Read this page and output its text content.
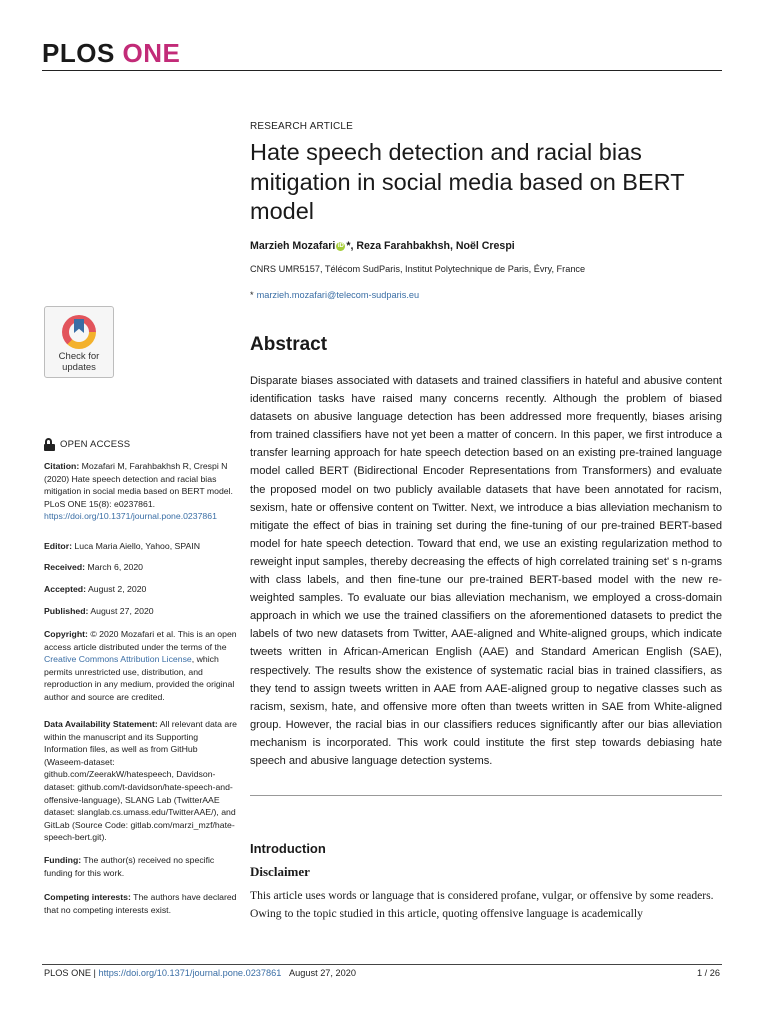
PLOS ONE
RESEARCH ARTICLE
Hate speech detection and racial bias mitigation in social media based on BERT model
Marzieh Mozafari iD *, Reza Farahbakhsh, Noël Crespi
CNRS UMR5157, Télécom SudParis, Institut Polytechnique de Paris, Évry, France
* marzieh.mozafari@telecom-sudparis.eu
Check for updates
OPEN ACCESS
Citation: Mozafari M, Farahbakhsh R, Crespi N (2020) Hate speech detection and racial bias mitigation in social media based on BERT model. PLoS ONE 15(8): e0237861. https://doi.org/10.1371/journal.pone.0237861
Editor: Luca Maria Aiello, Yahoo, SPAIN
Received: March 6, 2020
Accepted: August 2, 2020
Published: August 27, 2020
Copyright: © 2020 Mozafari et al. This is an open access article distributed under the terms of the Creative Commons Attribution License, which permits unrestricted use, distribution, and reproduction in any medium, provided the original author and source are credited.
Data Availability Statement: All relevant data are within the manuscript and its Supporting Information files, as well as from GitHub (Waseem-dataset: github.com/ZeerakW/hatespeech, Davidson-dataset: github.com/t-davidson/hate-speech-and-offensive-language), SLANG Lab (TwitterAAE dataset: slanglab.cs.umass.edu/TwitterAAE/), and GitLab (Source Code: gitlab.com/marzi_mzf/hate-speech-bert.git).
Funding: The author(s) received no specific funding for this work.
Competing interests: The authors have declared that no competing interests exist.
Abstract

Disparate biases associated with datasets and trained classifiers in hateful and abusive content identification tasks have raised many concerns recently. Although the problem of biased datasets on abusive language detection has been addressed more frequently, biases arising from trained classifiers have not yet been a matter of concern. In this paper, we first introduce a transfer learning approach for hate speech detection based on an existing pre-trained language model called BERT (Bidirectional Encoder Representations from Transformers) and evaluate the proposed model on two publicly available datasets that have been annotated for racism, sexism, hate or offensive content on Twitter. Next, we introduce a bias alleviation mechanism to mitigate the effect of bias in training set during the fine-tuning of our pre-trained BERT-based model for hate speech detection. Toward that end, we use an existing regularization method to reweight input samples, thereby decreasing the effects of high correlated training set' s n-grams with class labels, and then fine-tune our pre-trained BERT-based model with the new re-weighted samples. To evaluate our bias alleviation mechanism, we employed a cross-domain approach in which we use the trained classifiers on the aforementioned datasets to predict the labels of two new datasets from Twitter, AAE-aligned and White-aligned groups, which indicate tweets written in African-American English (AAE) and Standard American English (SAE), respectively. The results show the existence of systematic racial bias in trained classifiers, as they tend to assign tweets written in AAE from AAE-aligned group to negative classes such as racism, sexism, hate, and offensive more often than tweets written in SAE from White-aligned group. However, the racial bias in our classifiers reduces significantly after our bias alleviation mechanism is incorporated. This work could institute the first step towards debiasing hate speech and abusive language detection systems.

Introduction
Disclaimer

This article uses words or language that is considered profane, vulgar, or offensive by some readers. Owing to the topic studied in this article, quoting offensive language is academically

PLOS ONE | https://doi.org/10.1371/journal.pone.0237861 August 27, 2020	1 / 26
